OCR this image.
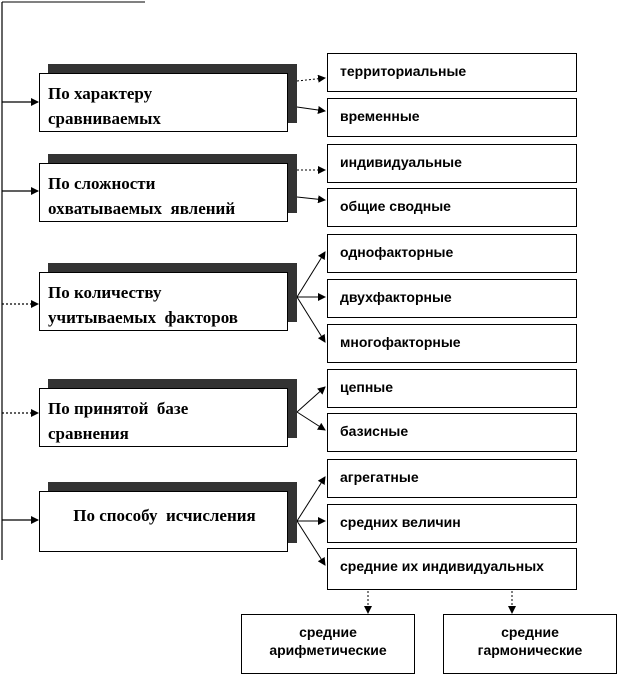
По характеру
сравниваемых
По сложности
охватываемых  явлений
По количеству
учитываемых  факторов
По принятой  базе
сравнения
По способу  исчисления
территориальные
временные
индивидуальные
общие сводные
однофакторные
двухфакторные
многофакторные
цепные
базисные
агрегатные
средних величин
средние их индивидуальных
средние
арифметические
средние
гармонические
